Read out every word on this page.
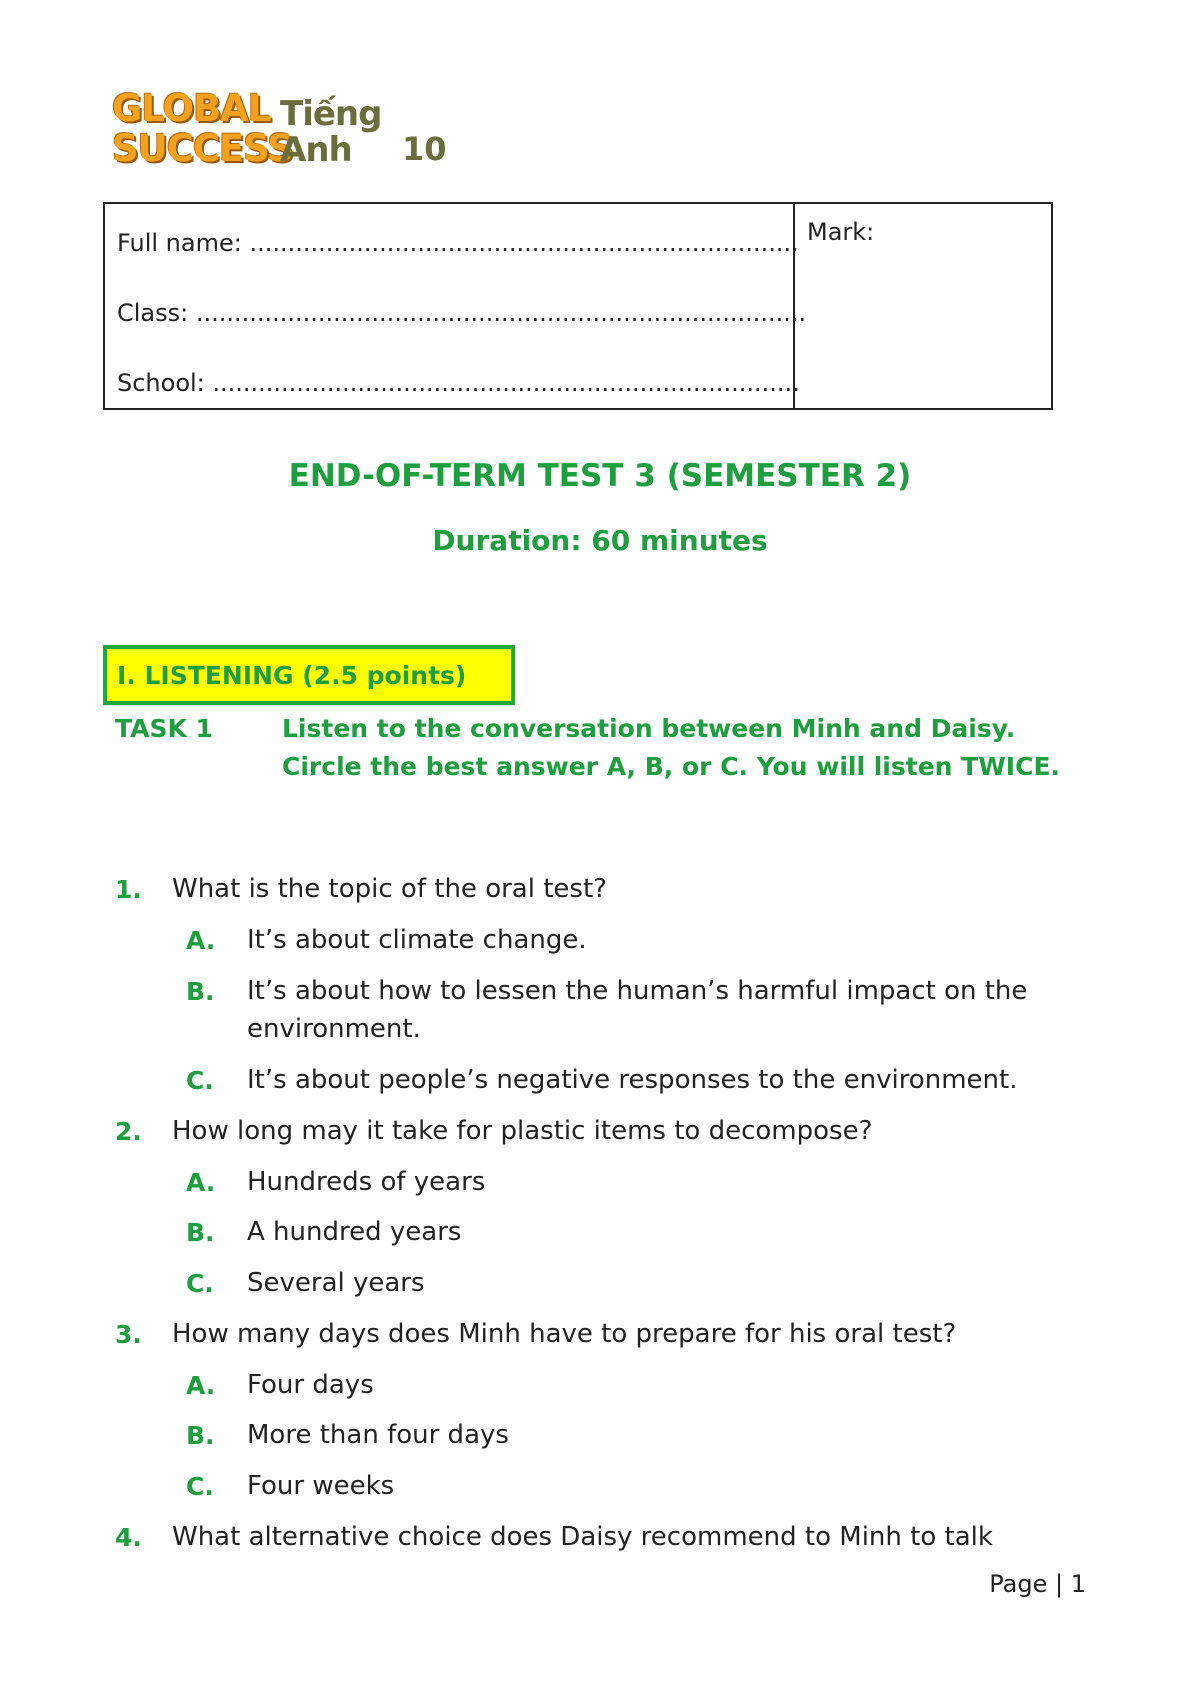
GLOBAL
SUCCESS
Tiếng Anh	10
Full name: ........................................................................
Class: ................................................................................
School: .............................................................................
Mark:
END-OF-TERM TEST 3 (SEMESTER 2)
Duration: 60 minutes
I. LISTENING (2.5 points)
TASK 1	Listen to the conversation between Minh and Daisy.
Circle the best answer A, B, or C. You will listen TWICE.
1. What is the topic of the oral test?
A. It’s about climate change.
B. It’s about how to lessen the human’s harmful impact on the
environment.
C. It’s about people’s negative responses to the environment.
2. How long may it take for plastic items to decompose?
A. Hundreds of years
B. A hundred years
C. Several years
3. How many days does Minh have to prepare for his oral test?
A. Four days
B. More than four days
C. Four weeks
4. What alternative choice does Daisy recommend to Minh to talk
Page | 1
